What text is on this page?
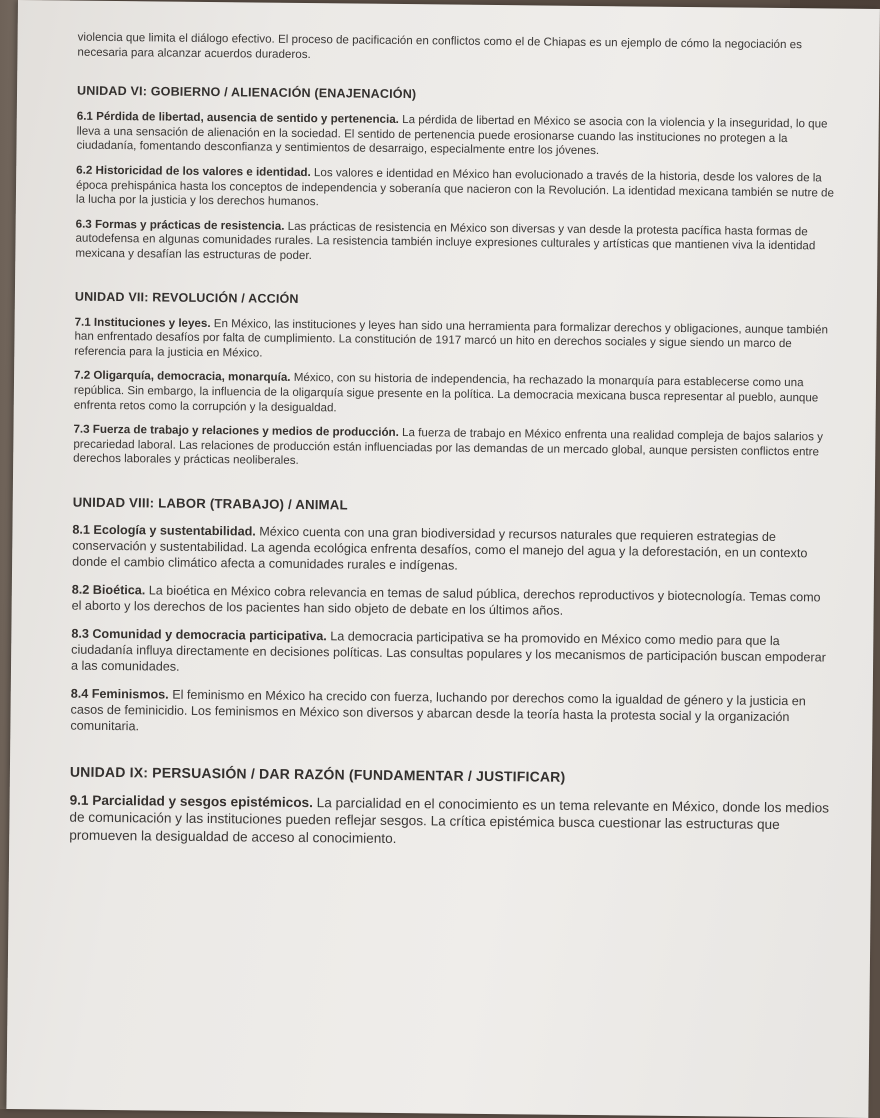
violencia que limita el diálogo efectivo. El proceso de pacificación en conflictos como el de Chiapas es un ejemplo de cómo la negociación es necesaria para alcanzar acuerdos duraderos.

UNIDAD VI: GOBIERNO / ALIENACIÓN (ENAJENACIÓN)

6.1 Pérdida de libertad, ausencia de sentido y pertenencia. La pérdida de libertad en México se asocia con la violencia y la inseguridad, lo que lleva a una sensación de alienación en la sociedad. El sentido de pertenencia puede erosionarse cuando las instituciones no protegen a la ciudadanía, fomentando desconfianza y sentimientos de desarraigo, especialmente entre los jóvenes.

6.2 Historicidad de los valores e identidad. Los valores e identidad en México han evolucionado a través de la historia, desde los valores de la época prehispánica hasta los conceptos de independencia y soberanía que nacieron con la Revolución. La identidad mexicana también se nutre de la lucha por la justicia y los derechos humanos.

6.3 Formas y prácticas de resistencia. Las prácticas de resistencia en México son diversas y van desde la protesta pacífica hasta formas de autodefensa en algunas comunidades rurales. La resistencia también incluye expresiones culturales y artísticas que mantienen viva la identidad mexicana y desafían las estructuras de poder.

UNIDAD VII: REVOLUCIÓN / ACCIÓN

7.1 Instituciones y leyes. En México, las instituciones y leyes han sido una herramienta para formalizar derechos y obligaciones, aunque también han enfrentado desafíos por falta de cumplimiento. La constitución de 1917 marcó un hito en derechos sociales y sigue siendo un marco de referencia para la justicia en México.

7.2 Oligarquía, democracia, monarquía. México, con su historia de independencia, ha rechazado la monarquía para establecerse como una república. Sin embargo, la influencia de la oligarquía sigue presente en la política. La democracia mexicana busca representar al pueblo, aunque enfrenta retos como la corrupción y la desigualdad.

7.3 Fuerza de trabajo y relaciones y medios de producción. La fuerza de trabajo en México enfrenta una realidad compleja de bajos salarios y precariedad laboral. Las relaciones de producción están influenciadas por las demandas de un mercado global, aunque persisten conflictos entre derechos laborales y prácticas neoliberales.

UNIDAD VIII: LABOR (TRABAJO) / ANIMAL

8.1 Ecología y sustentabilidad. México cuenta con una gran biodiversidad y recursos naturales que requieren estrategias de conservación y sustentabilidad. La agenda ecológica enfrenta desafíos, como el manejo del agua y la deforestación, en un contexto donde el cambio climático afecta a comunidades rurales e indígenas.

8.2 Bioética. La bioética en México cobra relevancia en temas de salud pública, derechos reproductivos y biotecnología. Temas como el aborto y los derechos de los pacientes han sido objeto de debate en los últimos años.

8.3 Comunidad y democracia participativa. La democracia participativa se ha promovido en México como medio para que la ciudadanía influya directamente en decisiones políticas. Las consultas populares y los mecanismos de participación buscan empoderar a las comunidades.

8.4 Feminismos. El feminismo en México ha crecido con fuerza, luchando por derechos como la igualdad de género y la justicia en casos de feminicidio. Los feminismos en México son diversos y abarcan desde la teoría hasta la protesta social y la organización comunitaria.

UNIDAD IX: PERSUASIÓN / DAR RAZÓN (FUNDAMENTAR / JUSTIFICAR)

9.1 Parcialidad y sesgos epistémicos. La parcialidad en el conocimiento es un tema relevante en México, donde los medios de comunicación y las instituciones pueden reflejar sesgos. La crítica epistémica busca cuestionar las estructuras que promueven la desigualdad de acceso al conocimiento.
